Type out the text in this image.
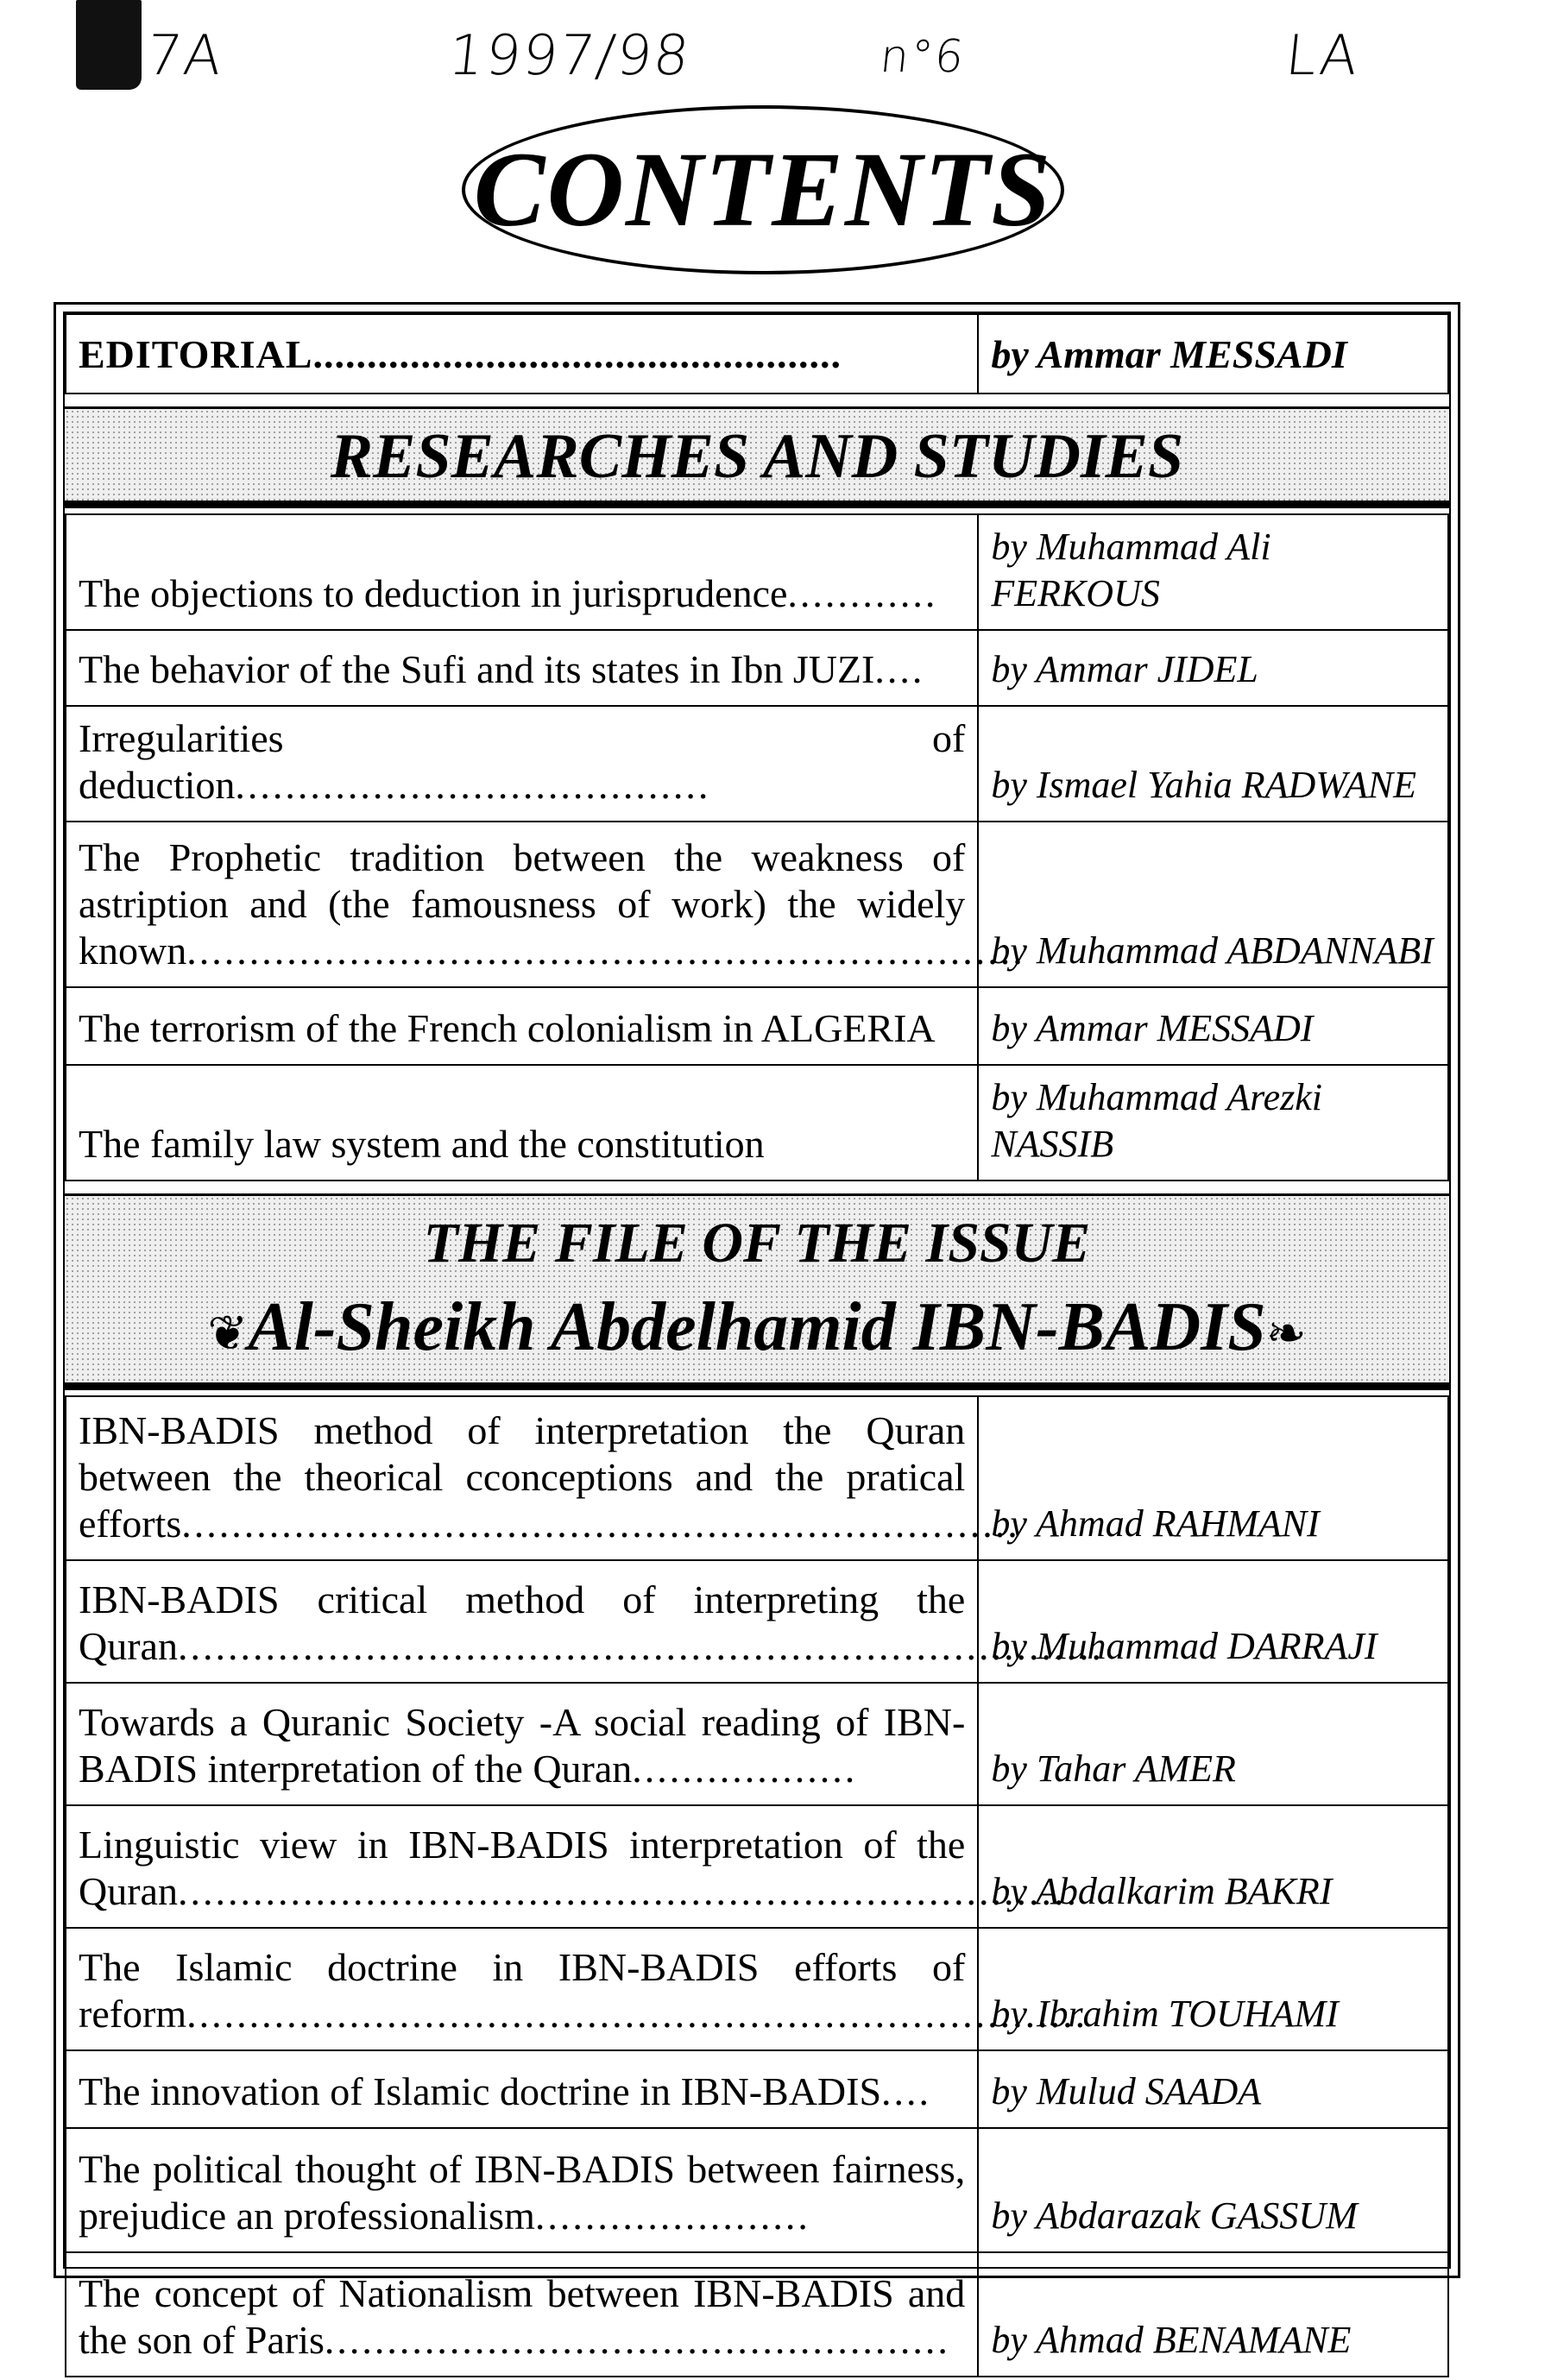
7A	1997/98	n°6	LA
CONTENTS
EDITORIAL.................................................	by Ammar MESSADI
RESEARCHES AND STUDIES
The objections to deduction in jurisprudence............	by Muhammad Ali FERKOUS
The behavior of the Sufi and its states in Ibn JUZI....	by Ammar JIDEL
Irregularities of deduction......................................	by Ismael Yahia RADWANE
The Prophetic tradition between the weakness of astription and (the famousness of work) the widely known...................................................................	by Muhammad ABDANNABI
The terrorism of the French colonialism in ALGERIA	by Ammar MESSADI
The family law system and the constitution	by Muhammad Arezki NASSIB
THE FILE OF THE ISSUE
❦Al-Sheikh Abdelhamid IBN-BADIS❧
IBN-BADIS method of interpretation the Quran between the theorical cconceptions and the pratical efforts...................................................................	by Ahmad RAHMANI
IBN-BADIS critical method of interpreting the Quran..........................................................................	by Muhammad DARRAJI
Towards a Quranic Society -A social reading of IBN-BADIS interpretation of the Quran..................	by Tahar AMER
Linguistic view in IBN-BADIS interpretation of the Quran........................................................................	by Abdalkarim BAKRI
The Islamic doctrine in IBN-BADIS efforts of reform........................................................................	by Ibrahim TOUHAMI
The innovation of Islamic doctrine in IBN-BADIS....	by Mulud SAADA
The political thought of IBN-BADIS between fairness, prejudice an professionalism......................	by Abdarazak GASSUM
The concept of Nationalism between IBN-BADIS and the son of Paris..................................................	by Ahmad BENAMANE
